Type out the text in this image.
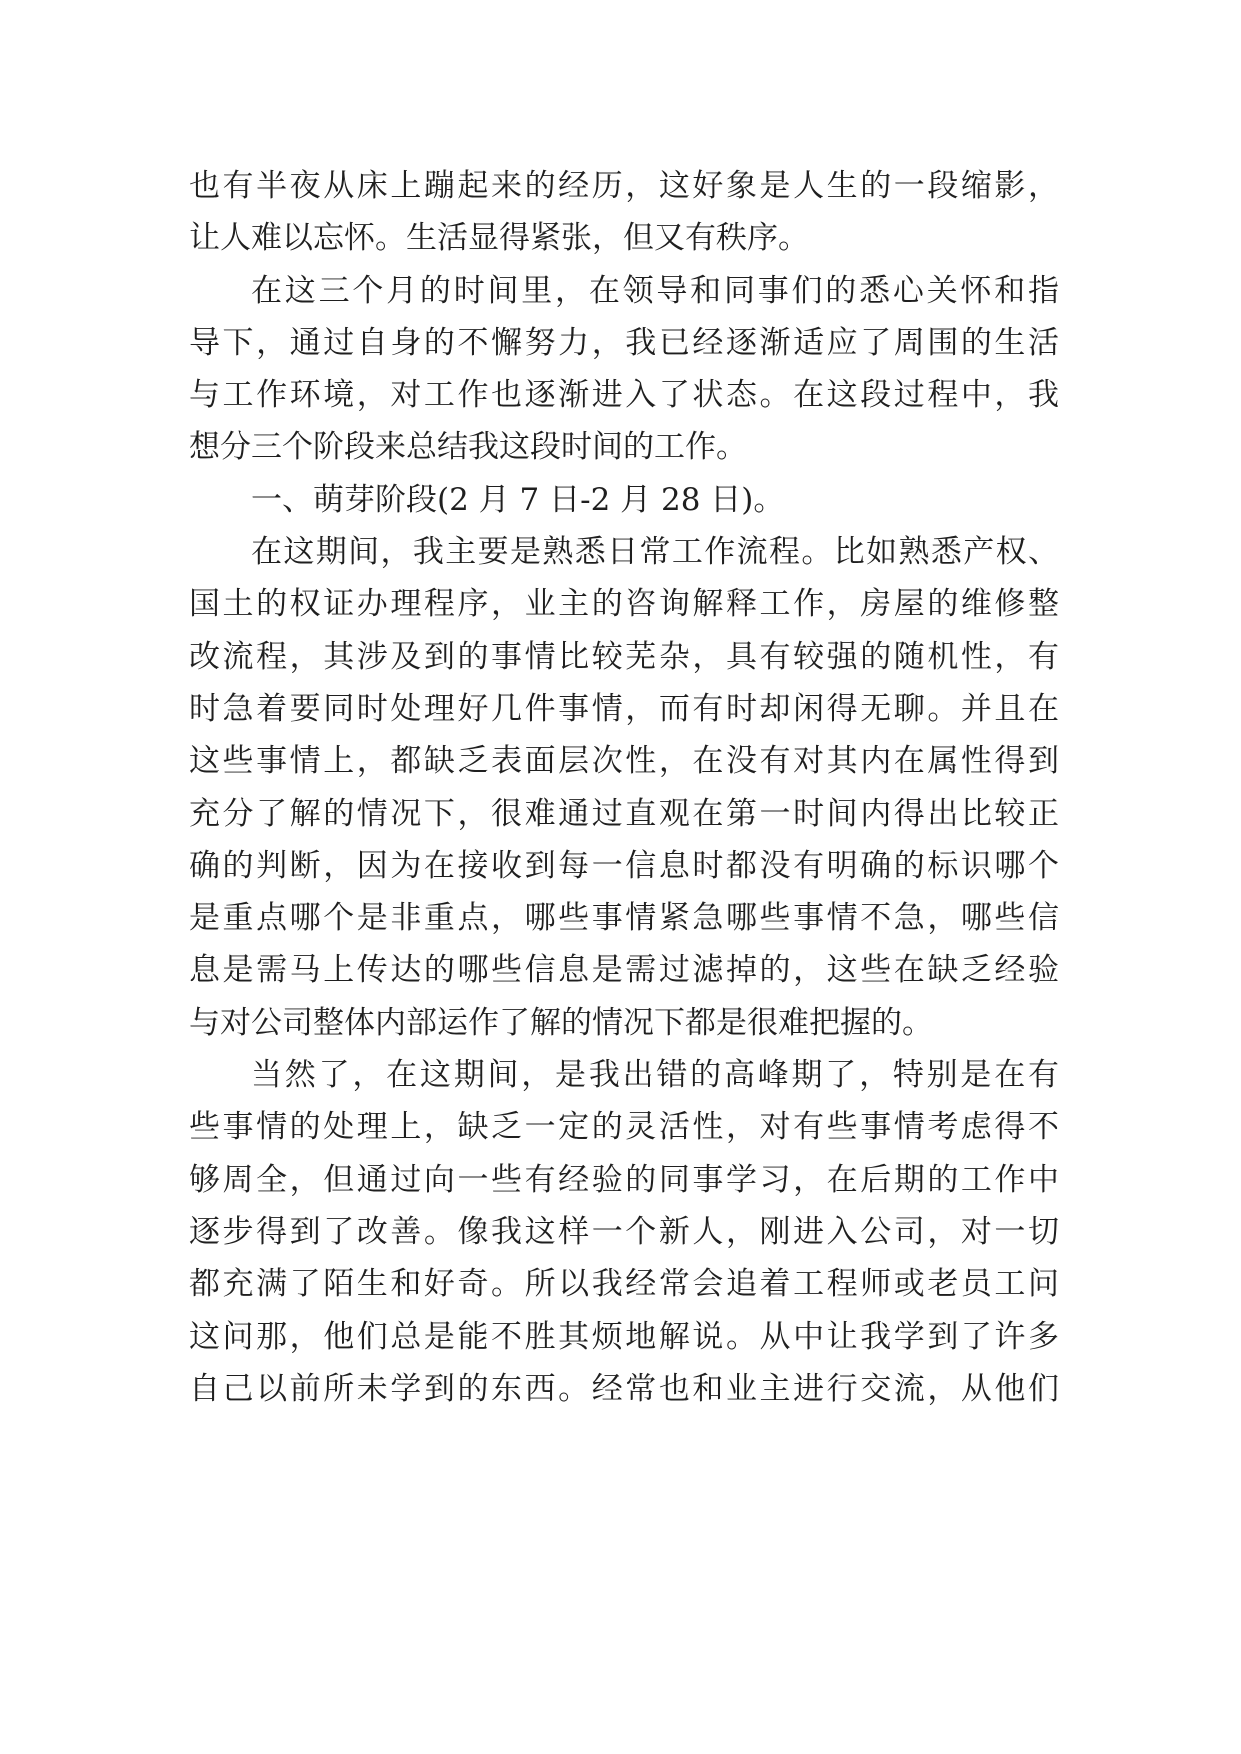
也有半夜从床上蹦起来的经历，这好象是人生的一段缩影，
让人难以忘怀。生活显得紧张，但又有秩序。
在这三个月的时间里，在领导和同事们的悉心关怀和指
导下，通过自身的不懈努力，我已经逐渐适应了周围的生活
与工作环境，对工作也逐渐进入了状态。在这段过程中，我
想分三个阶段来总结我这段时间的工作。
一、萌芽阶段(2 月 7 日-2 月 28 日)。
在这期间，我主要是熟悉日常工作流程。比如熟悉产权、
国土的权证办理程序，业主的咨询解释工作，房屋的维修整
改流程，其涉及到的事情比较芜杂，具有较强的随机性，有
时急着要同时处理好几件事情，而有时却闲得无聊。并且在
这些事情上，都缺乏表面层次性，在没有对其内在属性得到
充分了解的情况下，很难通过直观在第一时间内得出比较正
确的判断，因为在接收到每一信息时都没有明确的标识哪个
是重点哪个是非重点，哪些事情紧急哪些事情不急，哪些信
息是需马上传达的哪些信息是需过滤掉的，这些在缺乏经验
与对公司整体内部运作了解的情况下都是很难把握的。
当然了，在这期间，是我出错的高峰期了，特别是在有
些事情的处理上，缺乏一定的灵活性，对有些事情考虑得不
够周全，但通过向一些有经验的同事学习，在后期的工作中
逐步得到了改善。像我这样一个新人，刚进入公司，对一切
都充满了陌生和好奇。所以我经常会追着工程师或老员工问
这问那，他们总是能不胜其烦地解说。从中让我学到了许多
自己以前所未学到的东西。经常也和业主进行交流，从他们
